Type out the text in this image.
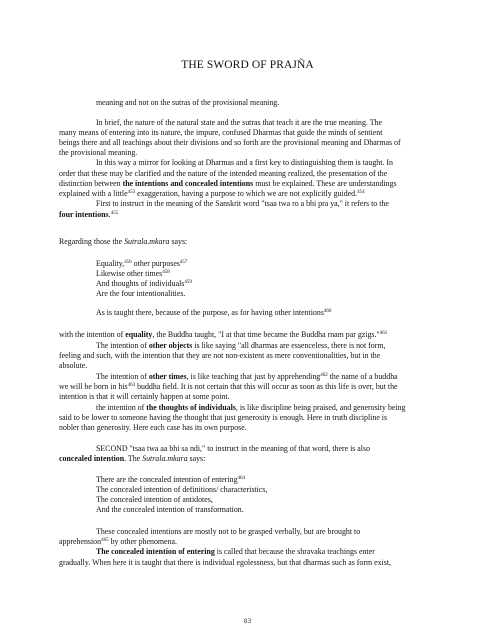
THE SWORD OF PRAJÑA
meaning and not on the sutras of the provisional meaning.
In brief, the nature of the natural state and the sutras that teach it are the true meaning. The
many means of entering into its nature, the impure, confused Dharmas that guide the minds of sentient
beings there and all teachings about their divisions and so forth are the provisional meaning and Dharmas of
the provisional meaning.
In this way a mirror for looking at Dharmas and a first key to distinguishing them is taught. In
order that these may be clarified and the nature of the intended meaning realized, the presentation of the
distinction between the intentions and concealed intentions must be explained. These are understandings
explained with a little$^{453}$ exaggeration, having a purpose to which we are not explicitly guided.$^{454}$
First to instruct in the meaning of the Sanskrit word "tsaa twa ro a bhi pra ya," it refers to the
four intentions.$^{455}$
Regarding those the Sutrala.mkara says:
Equality,$^{456}$ other purposes$^{457}$
Likewise other times$^{458}$
And thoughts of individuals$^{459}$
Are the four intentionalities.
As is taught there, because of the purpose, as for having other intentions$^{460}$
with the intention of equality, the Buddha taught, "I at that time became the Buddha rnam par gzigs."$^{461}$
The intention of other objects is like saying "all dharmas are essenceless, there is not form,
feeling and such, with the intention that they are not non-existent as mere conventionalities, but in the
absolute.
The intention of other times, is like teaching that just by apprehending$^{462}$ the name of a buddha
we will be born in his$^{463}$ buddha field. It is not certain that this will occur as soon as this life is over, but the
intention is that it will certainly happen at some point.
the intention of the thoughts of individuals, is like discipline being praised, and generosity being
said to be lower to someone having the thought that just generosity is enough. Here in truth discipline is
nobler than generosity. Here each case has its own purpose.
SECOND "tsaa twa aa bhi sa ndi," to instruct in the meaning of that word, there is also
concealed intention. The Sutrala.mkara says:
There are the concealed intention of entering$^{464}$
The concealed intention of definitions/ characteristics,
The concealed intention of antidotes,
And the concealed intention of transformation.
These concealed intentions are mostly not to be grasped verbally, but are brought to
apprehension$^{465}$ by other phenomena.
The concealed intention of entering is called that because the shravaka teachings enter
gradually. When here it is taught that there is individual egolessness, but that dharmas such as form exist,
83
